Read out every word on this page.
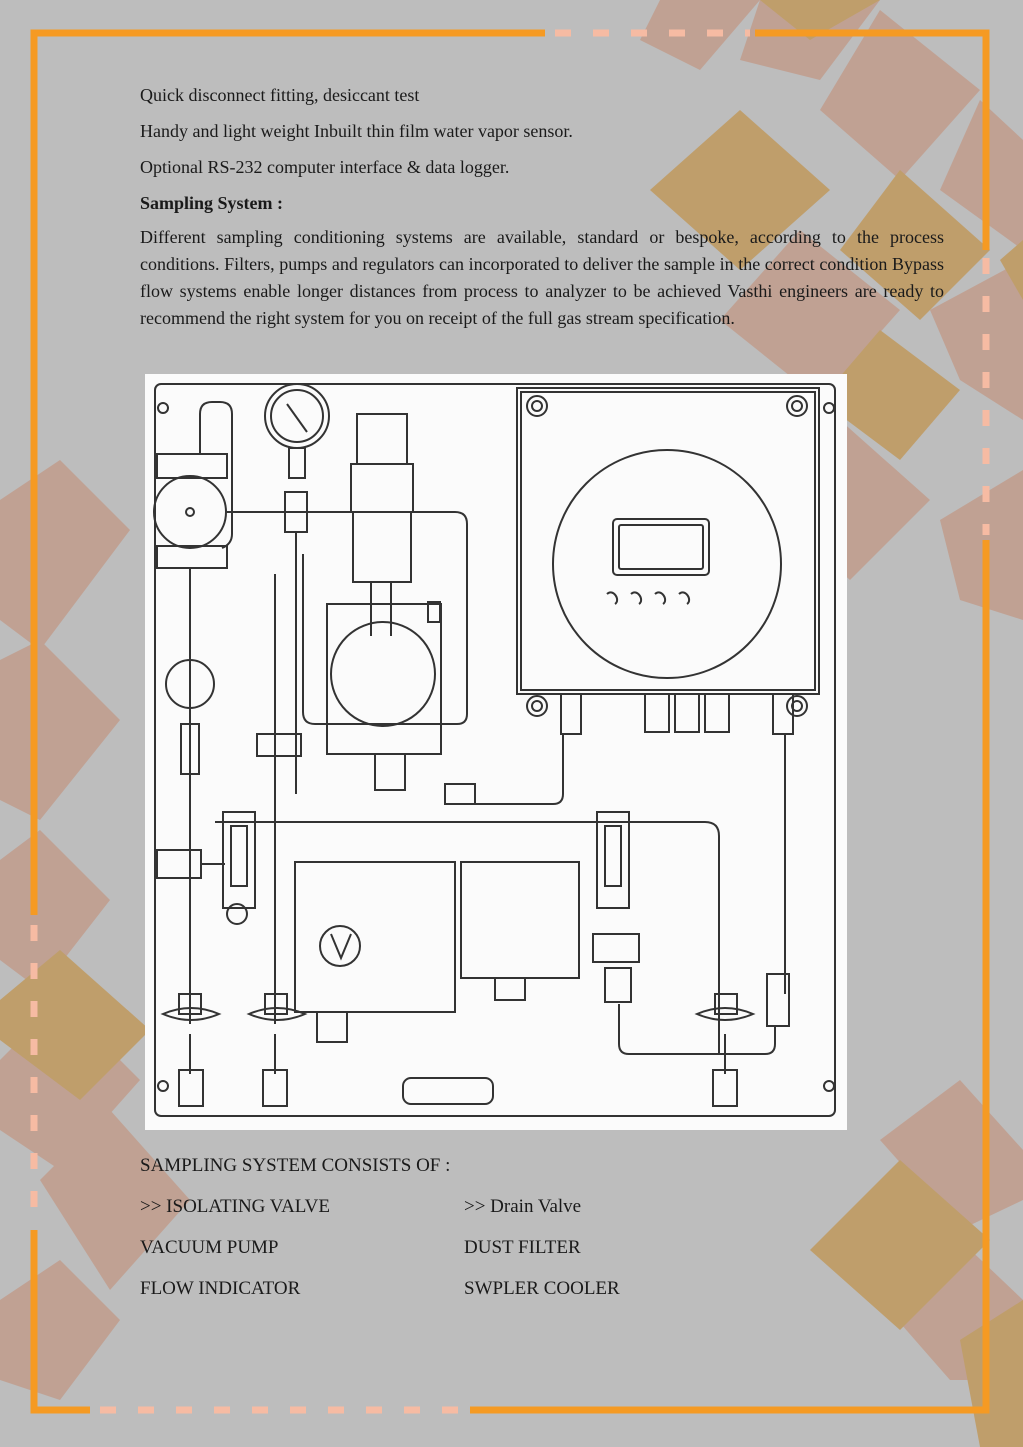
Quick disconnect fitting, desiccant test

Handy and light weight Inbuilt thin film water vapor sensor.

Optional RS-232 computer interface & data logger.

Sampling System :

Different sampling conditioning systems are available, standard or bespoke, according to the process conditions. Filters, pumps and regulators can incorporated to deliver the sample in the correct condition Bypass flow systems enable longer distances from process to analyzer to be achieved Vasthi engineers are ready to recommend the right system for you on receipt of the full gas stream specification.

SAMPLING SYSTEM CONSISTS OF :
>> ISOLATING VALVE	>> Drain Valve
VACUUM PUMP	DUST FILTER
FLOW INDICATOR	SWPLER COOLER
